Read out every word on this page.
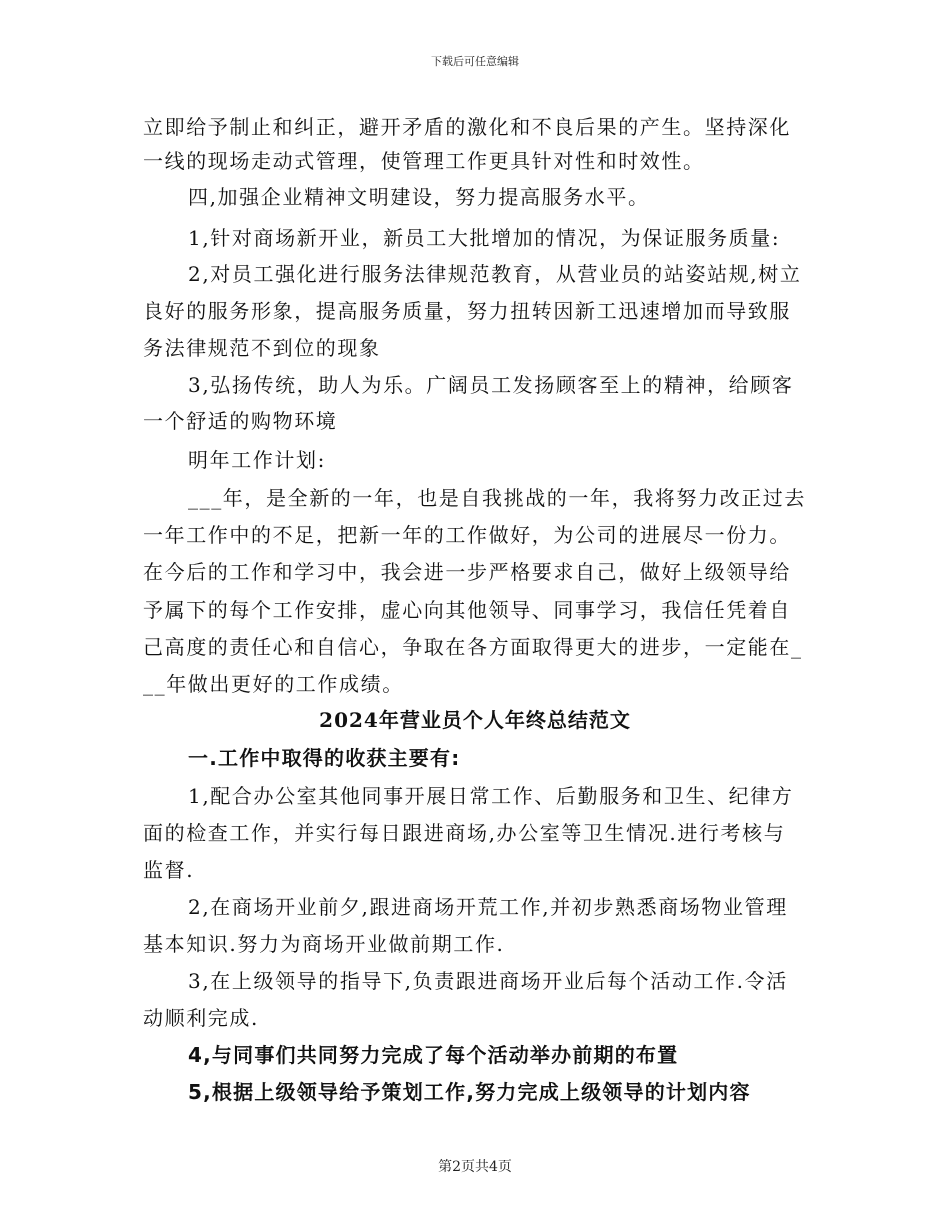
下载后可任意编辑
立即给予制止和纠正，避开矛盾的激化和不良后果的产生。坚持深化
一线的现场走动式管理，使管理工作更具针对性和时效性。
四,加强企业精神文明建设，努力提高服务水平。
1,针对商场新开业，新员工大批增加的情况，为保证服务质量:
2,对员工强化进行服务法律规范教育，从营业员的站姿站规,树立
良好的服务形象，提高服务质量，努力扭转因新工迅速增加而导致服
务法律规范不到位的现象
3,弘扬传统，助人为乐。广阔员工发扬顾客至上的精神，给顾客
一个舒适的购物环境
明年工作计划:
___年，是全新的一年，也是自我挑战的一年，我将努力改正过去
一年工作中的不足，把新一年的工作做好，为公司的进展尽一份力。
在今后的工作和学习中，我会进一步严格要求自己，做好上级领导给
予属下的每个工作安排，虚心向其他领导、同事学习，我信任凭着自
己高度的责任心和自信心，争取在各方面取得更大的进步，一定能在_
__年做出更好的工作成绩。
2024年营业员个人年终总结范文
一.工作中取得的收获主要有:
1,配合办公室其他同事开展日常工作、后勤服务和卫生、纪律方
面的检查工作，并实行每日跟进商场,办公室等卫生情况.进行考核与
监督.
2,在商场开业前夕,跟进商场开荒工作,并初步熟悉商场物业管理
基本知识.努力为商场开业做前期工作.
3,在上级领导的指导下,负责跟进商场开业后每个活动工作.令活
动顺利完成.
4,与同事们共同努力完成了每个活动举办前期的布置
5,根据上级领导给予策划工作,努力完成上级领导的计划内容
第2页共4页
